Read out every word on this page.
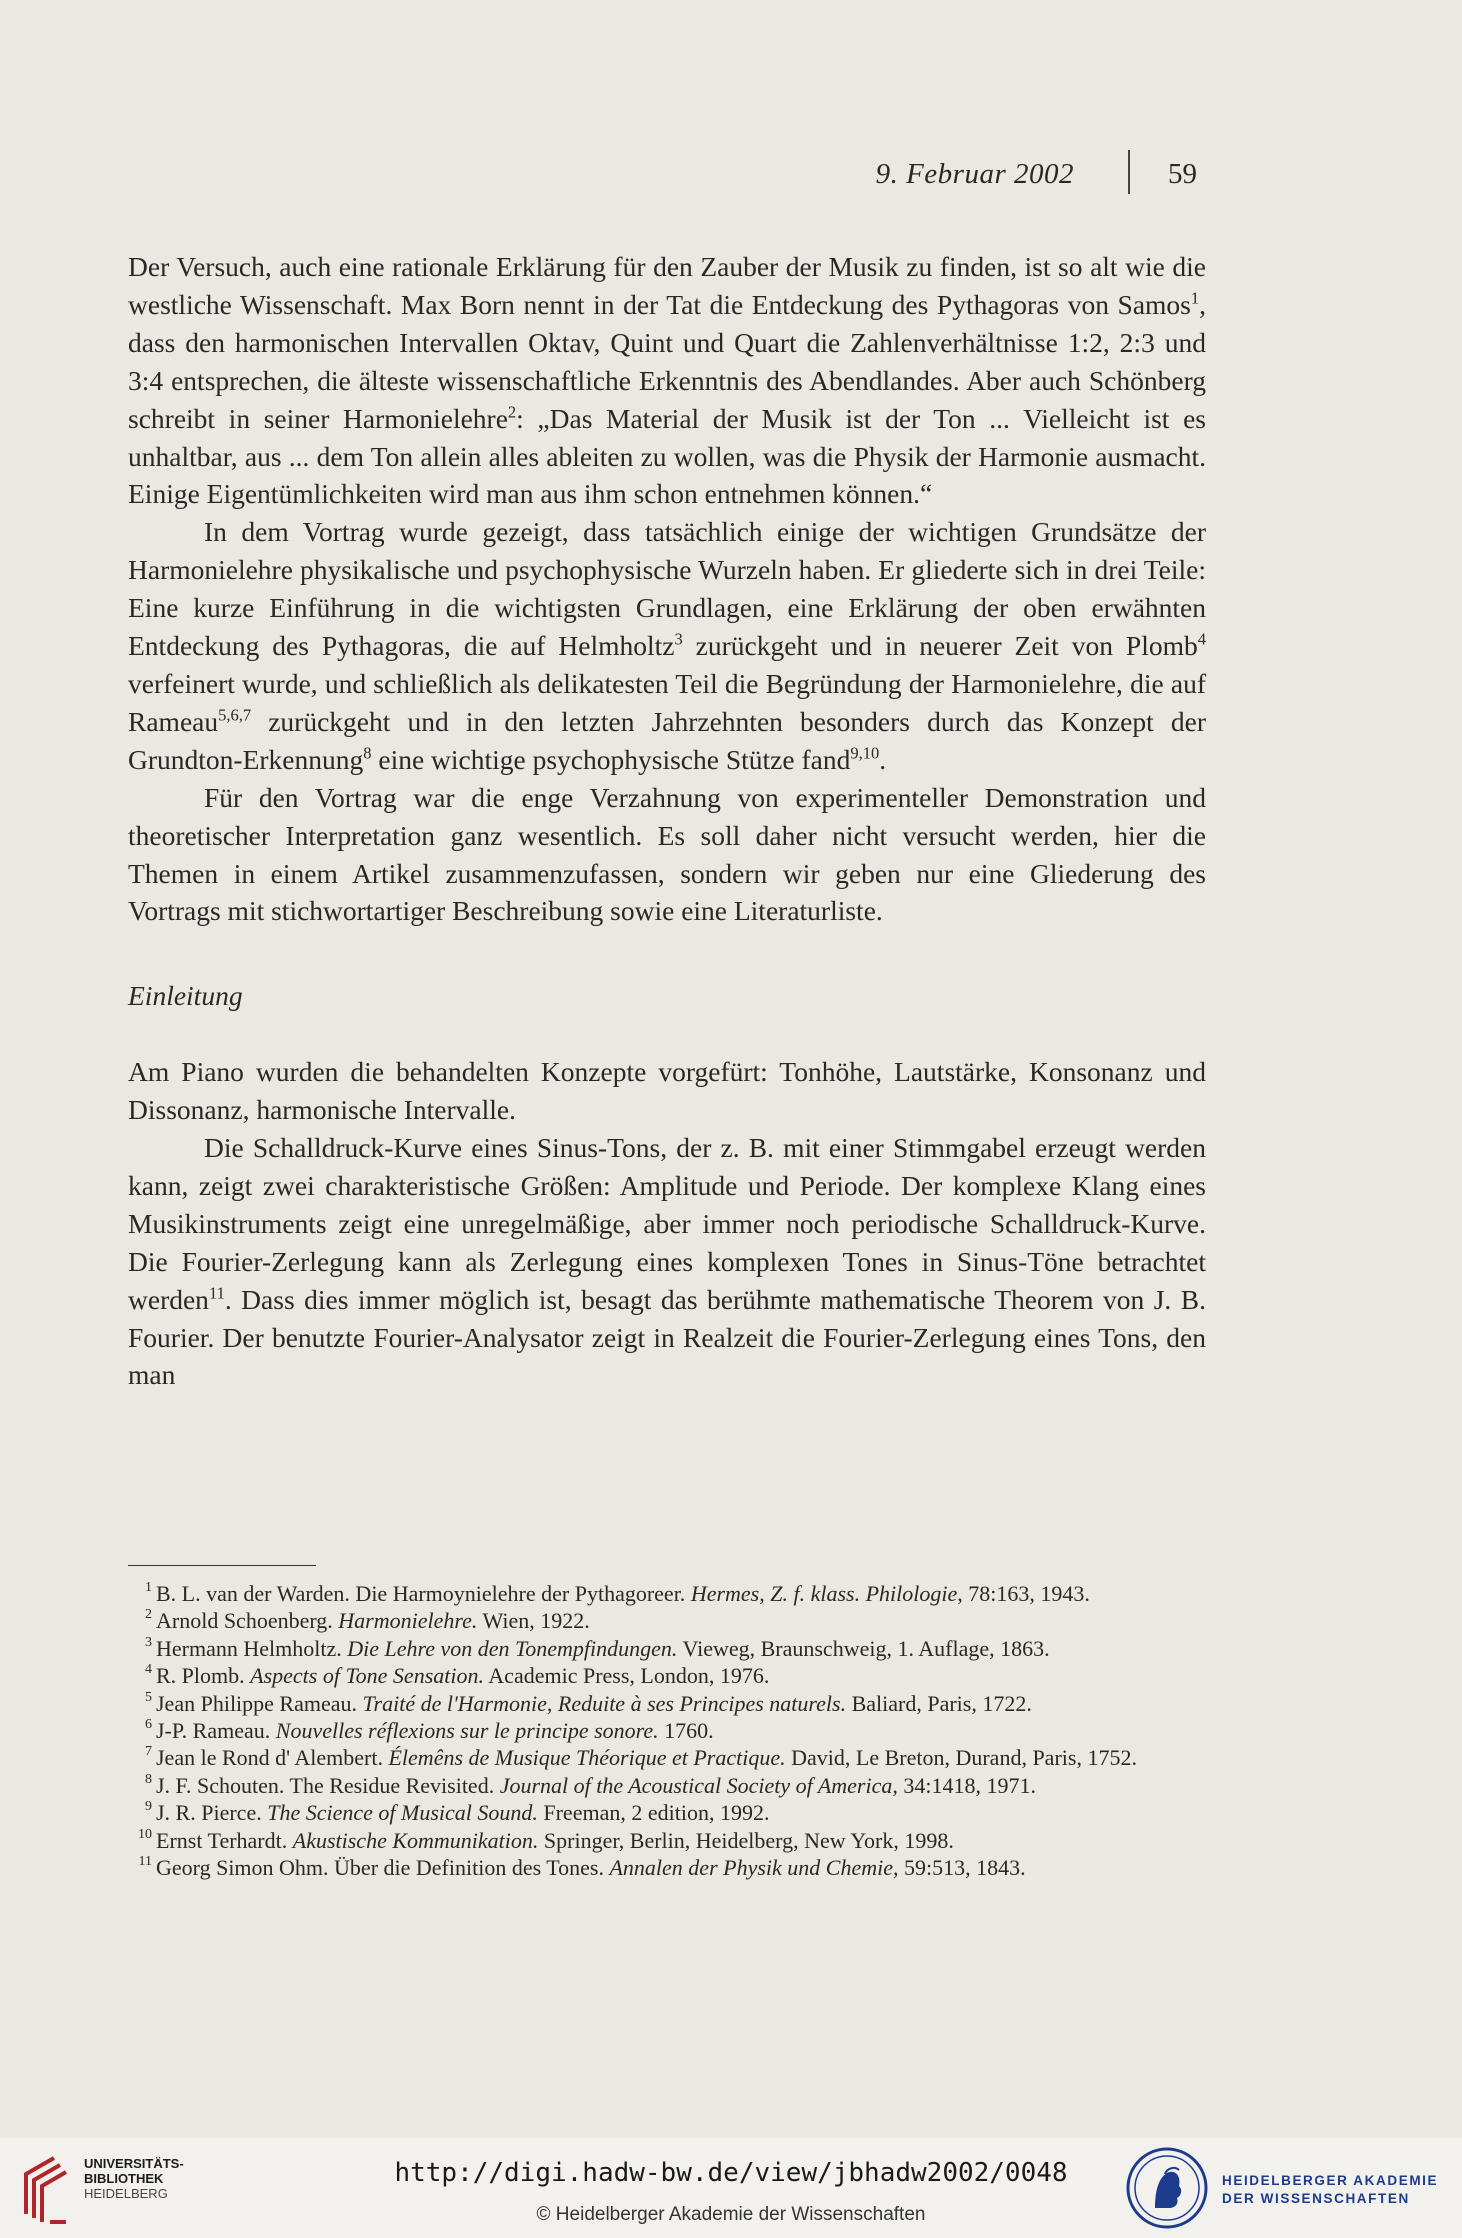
9. Februar 2002	59

Der Versuch, auch eine rationale Erklärung für den Zauber der Musik zu finden, ist so alt wie die westliche Wissenschaft. Max Born nennt in der Tat die Entdeckung des Pythagoras von Samos$^1$, dass den harmonischen Intervallen Oktav, Quint und Quart die Zahlenverhältnisse 1:2, 2:3 und 3:4 entsprechen, die älteste wissenschaftliche Erkenntnis des Abendlandes. Aber auch Schönberg schreibt in seiner Harmonielehre$^2$: „Das Material der Musik ist der Ton ... Vielleicht ist es unhaltbar, aus ... dem Ton allein alles ableiten zu wollen, was die Physik der Harmonie ausmacht. Einige Eigentümlichkeiten wird man aus ihm schon entnehmen können.“

In dem Vortrag wurde gezeigt, dass tatsächlich einige der wichtigen Grundsätze der Harmonielehre physikalische und psychophysische Wurzeln haben. Er gliederte sich in drei Teile: Eine kurze Einführung in die wichtigsten Grundlagen, eine Erklärung der oben erwähnten Entdeckung des Pythagoras, die auf Helmholtz$^3$ zurückgeht und in neuerer Zeit von Plomb$^4$ verfeinert wurde, und schließlich als delikatesten Teil die Begründung der Harmonielehre, die auf Rameau$^{5,6,7}$ zurückgeht und in den letzten Jahrzehnten besonders durch das Konzept der Grundton-Erkennung$^8$ eine wichtige psychophysische Stütze fand$^{9,10}$.

Für den Vortrag war die enge Verzahnung von experimenteller Demonstration und theoretischer Interpretation ganz wesentlich. Es soll daher nicht versucht werden, hier die Themen in einem Artikel zusammenzufassen, sondern wir geben nur eine Gliederung des Vortrags mit stichwortartiger Beschreibung sowie eine Literaturliste.

Einleitung

Am Piano wurden die behandelten Konzepte vorgefürt: Tonhöhe, Lautstärke, Konsonanz und Dissonanz, harmonische Intervalle.

Die Schalldruck-Kurve eines Sinus-Tons, der z. B. mit einer Stimmgabel erzeugt werden kann, zeigt zwei charakteristische Größen: Amplitude und Periode. Der komplexe Klang eines Musikinstruments zeigt eine unregelmäßige, aber immer noch periodische Schalldruck-Kurve. Die Fourier-Zerlegung kann als Zerlegung eines komplexen Tones in Sinus-Töne betrachtet werden$^{11}$. Dass dies immer möglich ist, besagt das berühmte mathematische Theorem von J. B. Fourier. Der benutzte Fourier-Analysator zeigt in Realzeit die Fourier-Zerlegung eines Tons, den man

1 B. L. van der Warden. Die Harmoynielehre der Pythagoreer. Hermes, Z. f. klass. Philologie, 78:163, 1943.
2 Arnold Schoenberg. Harmonielehre. Wien, 1922.
3 Hermann Helmholtz. Die Lehre von den Tonempfindungen. Vieweg, Braunschweig, 1. Auflage, 1863.
4 R. Plomb. Aspects of Tone Sensation. Academic Press, London, 1976.
5 Jean Philippe Rameau. Traité de l'Harmonie, Reduite à ses Principes naturels. Baliard, Paris, 1722.
6 J-P. Rameau. Nouvelles réflexions sur le principe sonore. 1760.
7 Jean le Rond d' Alembert. Élemêns de Musique Théorique et Practique. David, Le Breton, Durand, Paris, 1752.
8 J. F. Schouten. The Residue Revisited. Journal of the Acoustical Society of America, 34:1418, 1971.
9 J. R. Pierce. The Science of Musical Sound. Freeman, 2 edition, 1992.
10 Ernst Terhardt. Akustische Kommunikation. Springer, Berlin, Heidelberg, New York, 1998.
11 Georg Simon Ohm. Über die Definition des Tones. Annalen der Physik und Chemie, 59:513, 1843.
UNIVERSITÄTS-
BIBLIOTHEK
HEIDELBERG
http://digi.hadw-bw.de/view/jbhadw2002/0048
© Heidelberger Akademie der Wissenschaften
HEIDELBERGER AKADEMIE
DER WISSENSCHAFTEN
